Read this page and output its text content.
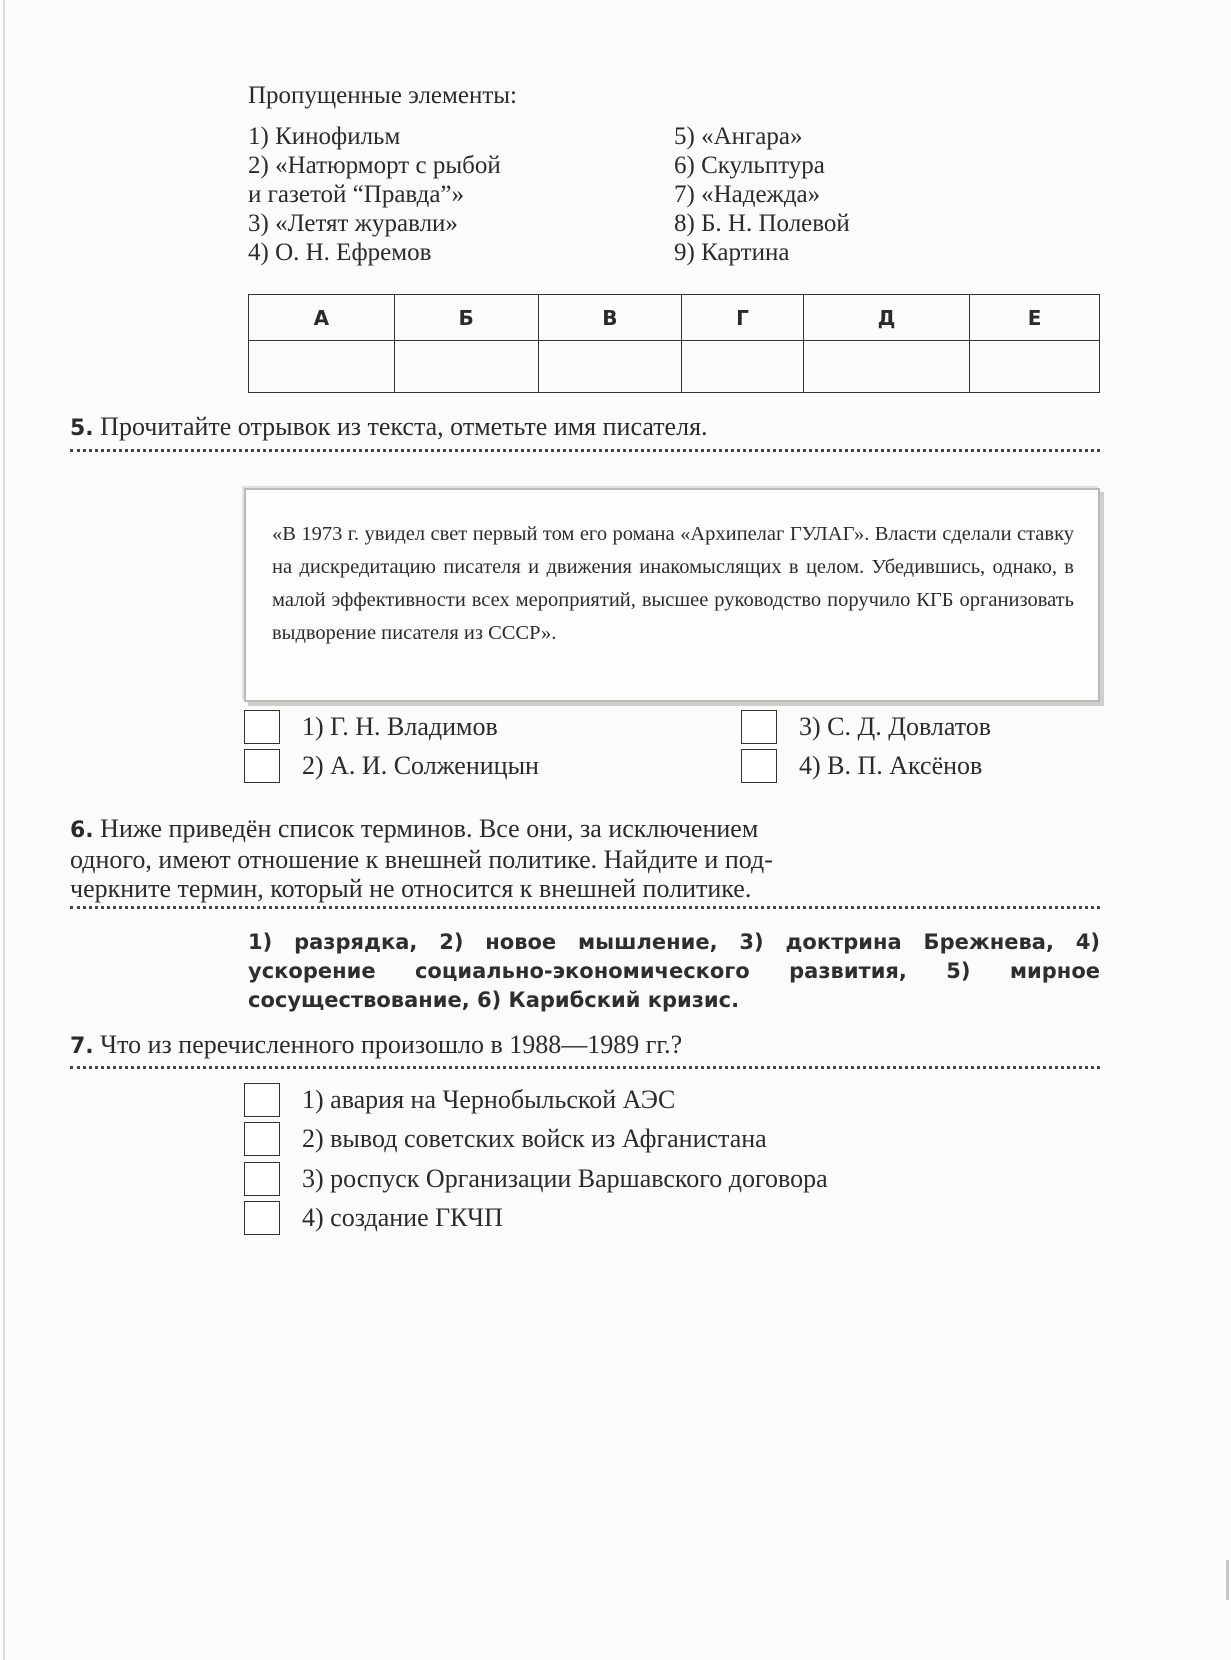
Пропущенные элементы:
1) Кинофильм
2) «Натюрморт с рыбой
и газетой “Правда”»
3) «Летят журавли»
4) О. Н. Ефремов
5) «Ангара»
6) Скульптура
7) «Надежда»
8) Б. Н. Полевой
9) Картина
А	Б	В	Г	Д	Е

5. Прочитайте отрывок из текста, отметьте имя писателя.
«В 1973 г. увидел свет первый том его романа «Архипелаг ГУЛАГ». Власти сделали ставку на дискредитацию писателя и движения инакомыслящих в целом. Убедившись, однако, в малой эффективности всех мероприятий, высшее руководство поручило КГБ организовать выдворение писателя из СССР».
1) Г. Н. Владимов
2) А. И. Солженицын
3) С. Д. Довлатов
4) В. П. Аксёнов
6. Ниже приведён список терминов. Все они, за исключением
одного, имеют отношение к внешней политике. Найдите и под-
черкните термин, который не относится к внешней политике.
1) разрядка, 2) новое мышление, 3) доктрина Брежнева, 4) ускорение социально-экономического развития, 5) мирное сосуществование, 6) Карибский кризис.
7. Что из перечисленного произошло в 1988—1989 гг.?
1) авария на Чернобыльской АЭС
2) вывод советских войск из Афганистана
3) роспуск Организации Варшавского договора
4) создание ГКЧП
